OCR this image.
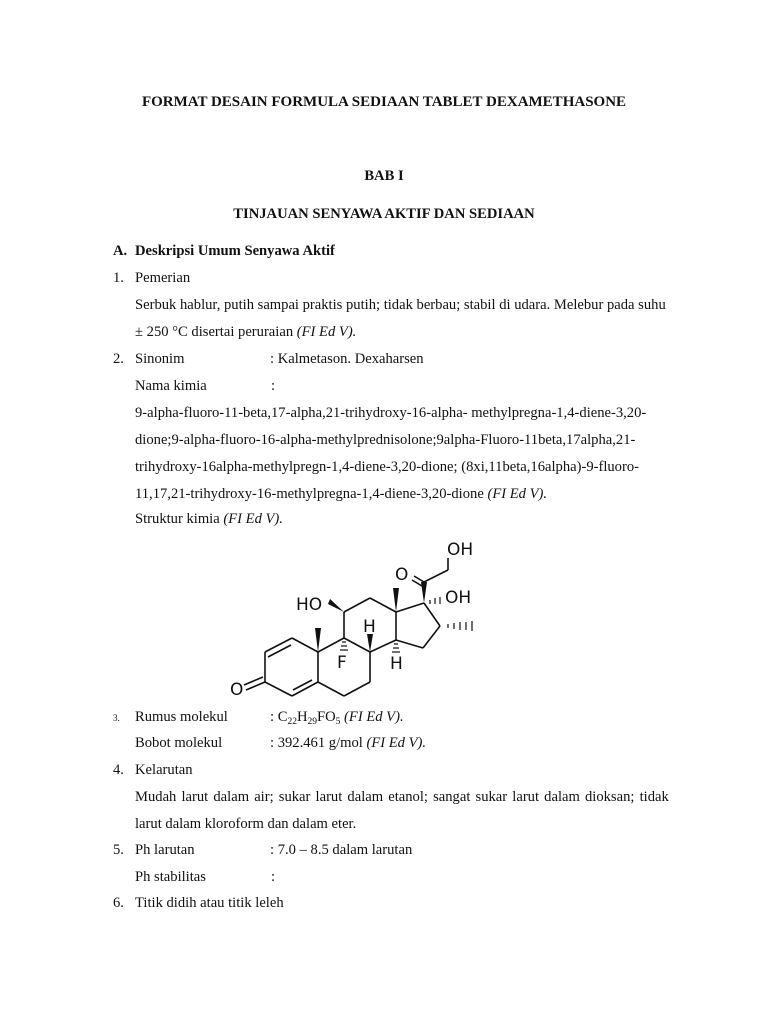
FORMAT DESAIN FORMULA SEDIAAN TABLET DEXAMETHASONE
BAB I
TINJAUAN SENYAWA AKTIF DAN SEDIAAN
A. Deskripsi Umum Senyawa Aktif
1. Pemerian
Serbuk hablur, putih sampai praktis putih; tidak berbau; stabil di udara. Melebur pada suhu
± 250 °C disertai peruraian (FI Ed V).
2. Sinonim	: Kalmetason. Dexaharsen
Nama kimia	:
9-alpha-fluoro-11-beta,17-alpha,21-trihydroxy-16-alpha- methylpregna-1,4-diene-3,20-
dione;9-alpha-fluoro-16-alpha-methylprednisolone;9alpha-Fluoro-11beta,17alpha,21-
trihydroxy-16alpha-methylpregn-1,4-diene-3,20-dione; (8xi,11beta,16alpha)-9-fluoro-
11,17,21-trihydroxy-16-methylpregna-1,4-diene-3,20-dione (FI Ed V).
Struktur kimia (FI Ed V).
OH
O
OH
HO
H
F	H
O
3. Rumus molekul	: $C_{22}H_{29}FO_5$ (FI Ed V).
Bobot molekul	: 392.461 g/mol (FI Ed V).
4. Kelarutan
Mudah larut dalam air; sukar larut dalam etanol; sangat sukar larut dalam dioksan; tidak
larut dalam kloroform dan dalam eter.
5. Ph larutan	: 7.0 – 8.5 dalam larutan
Ph stabilitas	:
6. Titik didih atau titik leleh
